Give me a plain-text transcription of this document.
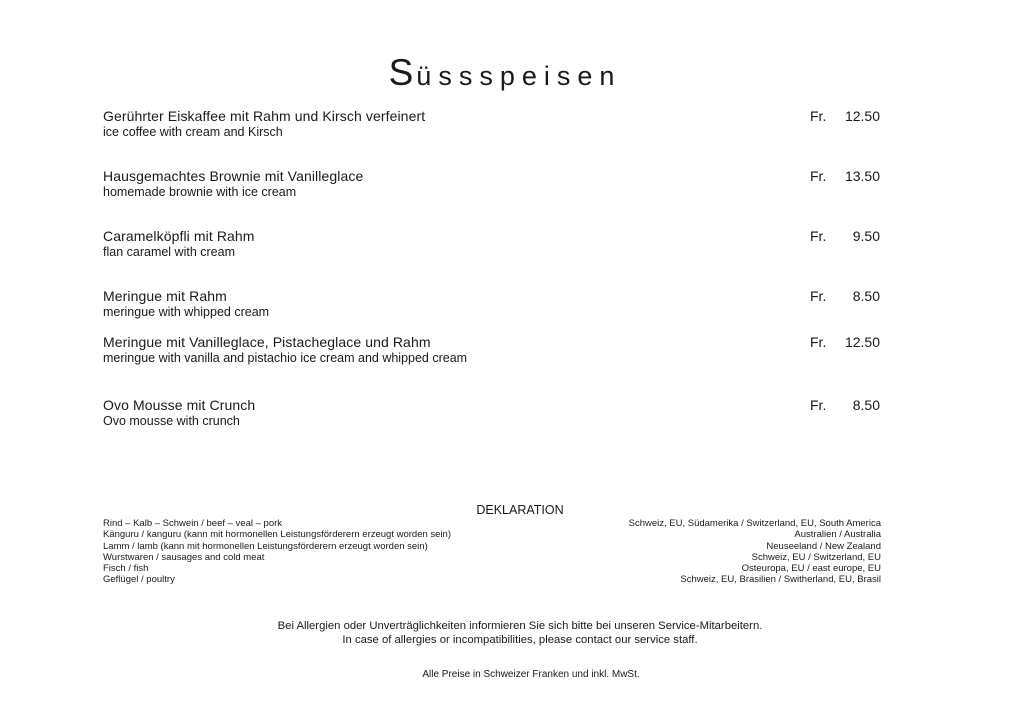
Süssspeisen
Gerührter Eiskaffee mit Rahm und Kirsch verfeinert
ice coffee with cream and Kirsch
Fr. 12.50
Hausgemachtes Brownie mit Vanilleglace
homemade brownie with ice cream
Fr. 13.50
Caramelköpfli mit Rahm
flan caramel with cream
Fr. 9.50
Meringue mit Rahm
meringue with whipped cream
Fr. 8.50
Meringue mit Vanilleglace, Pistacheglace und Rahm
meringue with vanilla and pistachio ice cream and whipped cream
Fr. 12.50
Ovo Mousse mit Crunch
Ovo mousse with crunch
Fr. 8.50
DEKLARATION
Rind – Kalb – Schwein / beef – veal – pork
Känguru / kanguru (kann mit hormonellen Leistungsförderern erzeugt worden sein)
Lamm / lamb (kann mit hormonellen Leistungsförderern erzeugt worden sein)
Wurstwaren / sausages and cold meat
Fisch / fish
Geflügel / poultry
Schweiz, EU, Südamerika / Switzerland, EU, South America
Australien / Australia
Neuseeland / New Zealand
Schweiz, EU / Switzerland, EU
Osteuropa, EU / east europe, EU
Schweiz, EU, Brasilien / Switherland, EU, Brasil
Bei Allergien oder Unverträglichkeiten informieren Sie sich bitte bei unseren Service-Mitarbeitern.
In case of allergies or incompatibilities, please contact our service staff.
Alle Preise in Schweizer Franken und inkl. MwSt.
